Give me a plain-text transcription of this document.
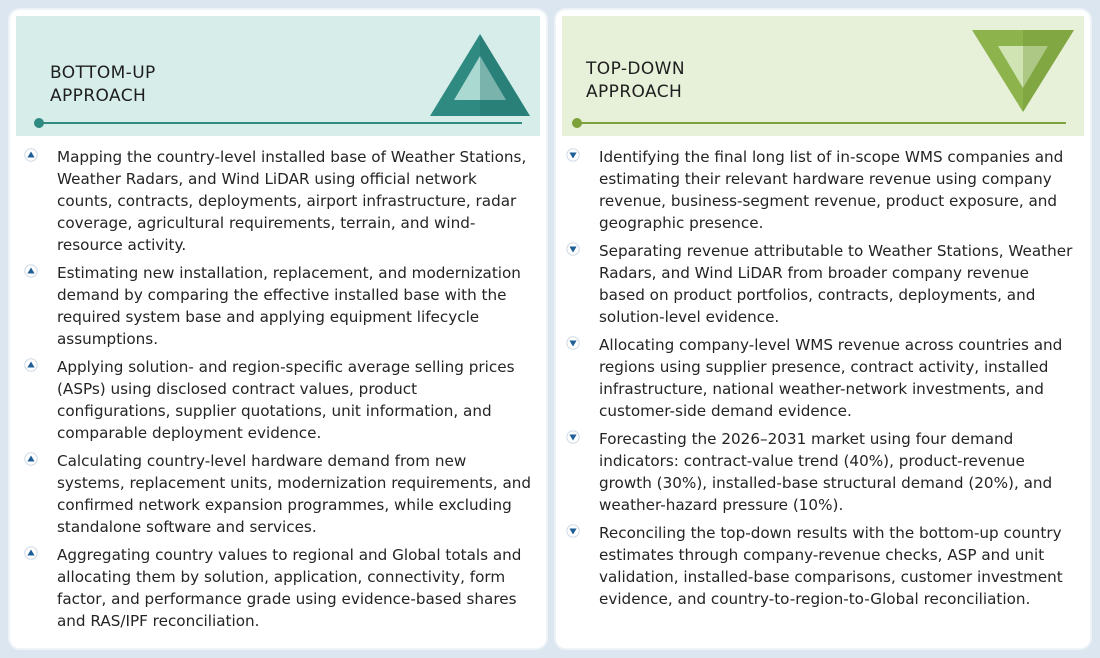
BOTTOM-UP
APPROACH
Mapping the country-level installed base of Weather Stations, Weather Radars, and Wind LiDAR using official network counts, contracts, deployments, airport infrastructure, radar coverage, agricultural requirements, terrain, and wind-resource activity.
Estimating new installation, replacement, and modernization demand by comparing the effective installed base with the required system base and applying equipment lifecycle assumptions.
Applying solution- and region-specific average selling prices (ASPs) using disclosed contract values, product configurations, supplier quotations, unit information, and comparable deployment evidence.
Calculating country-level hardware demand from new systems, replacement units, modernization requirements, and confirmed network expansion programmes, while excluding standalone software and services.
Aggregating country values to regional and Global totals and allocating them by solution, application, connectivity, form factor, and performance grade using evidence-based shares and RAS/IPF reconciliation.
TOP-DOWN
APPROACH
Identifying the final long list of in-scope WMS companies and estimating their relevant hardware revenue using company revenue, business-segment revenue, product exposure, and geographic presence.
Separating revenue attributable to Weather Stations, Weather Radars, and Wind LiDAR from broader company revenue based on product portfolios, contracts, deployments, and solution-level evidence.
Allocating company-level WMS revenue across countries and regions using supplier presence, contract activity, installed infrastructure, national weather-network investments, and customer-side demand evidence.
Forecasting the 2026–2031 market using four demand indicators: contract-value trend (40%), product-revenue growth (30%), installed-base structural demand (20%), and weather-hazard pressure (10%).
Reconciling the top-down results with the bottom-up country estimates through company-revenue checks, ASP and unit validation, installed-base comparisons, customer investment evidence, and country-to-region-to-Global reconciliation.
